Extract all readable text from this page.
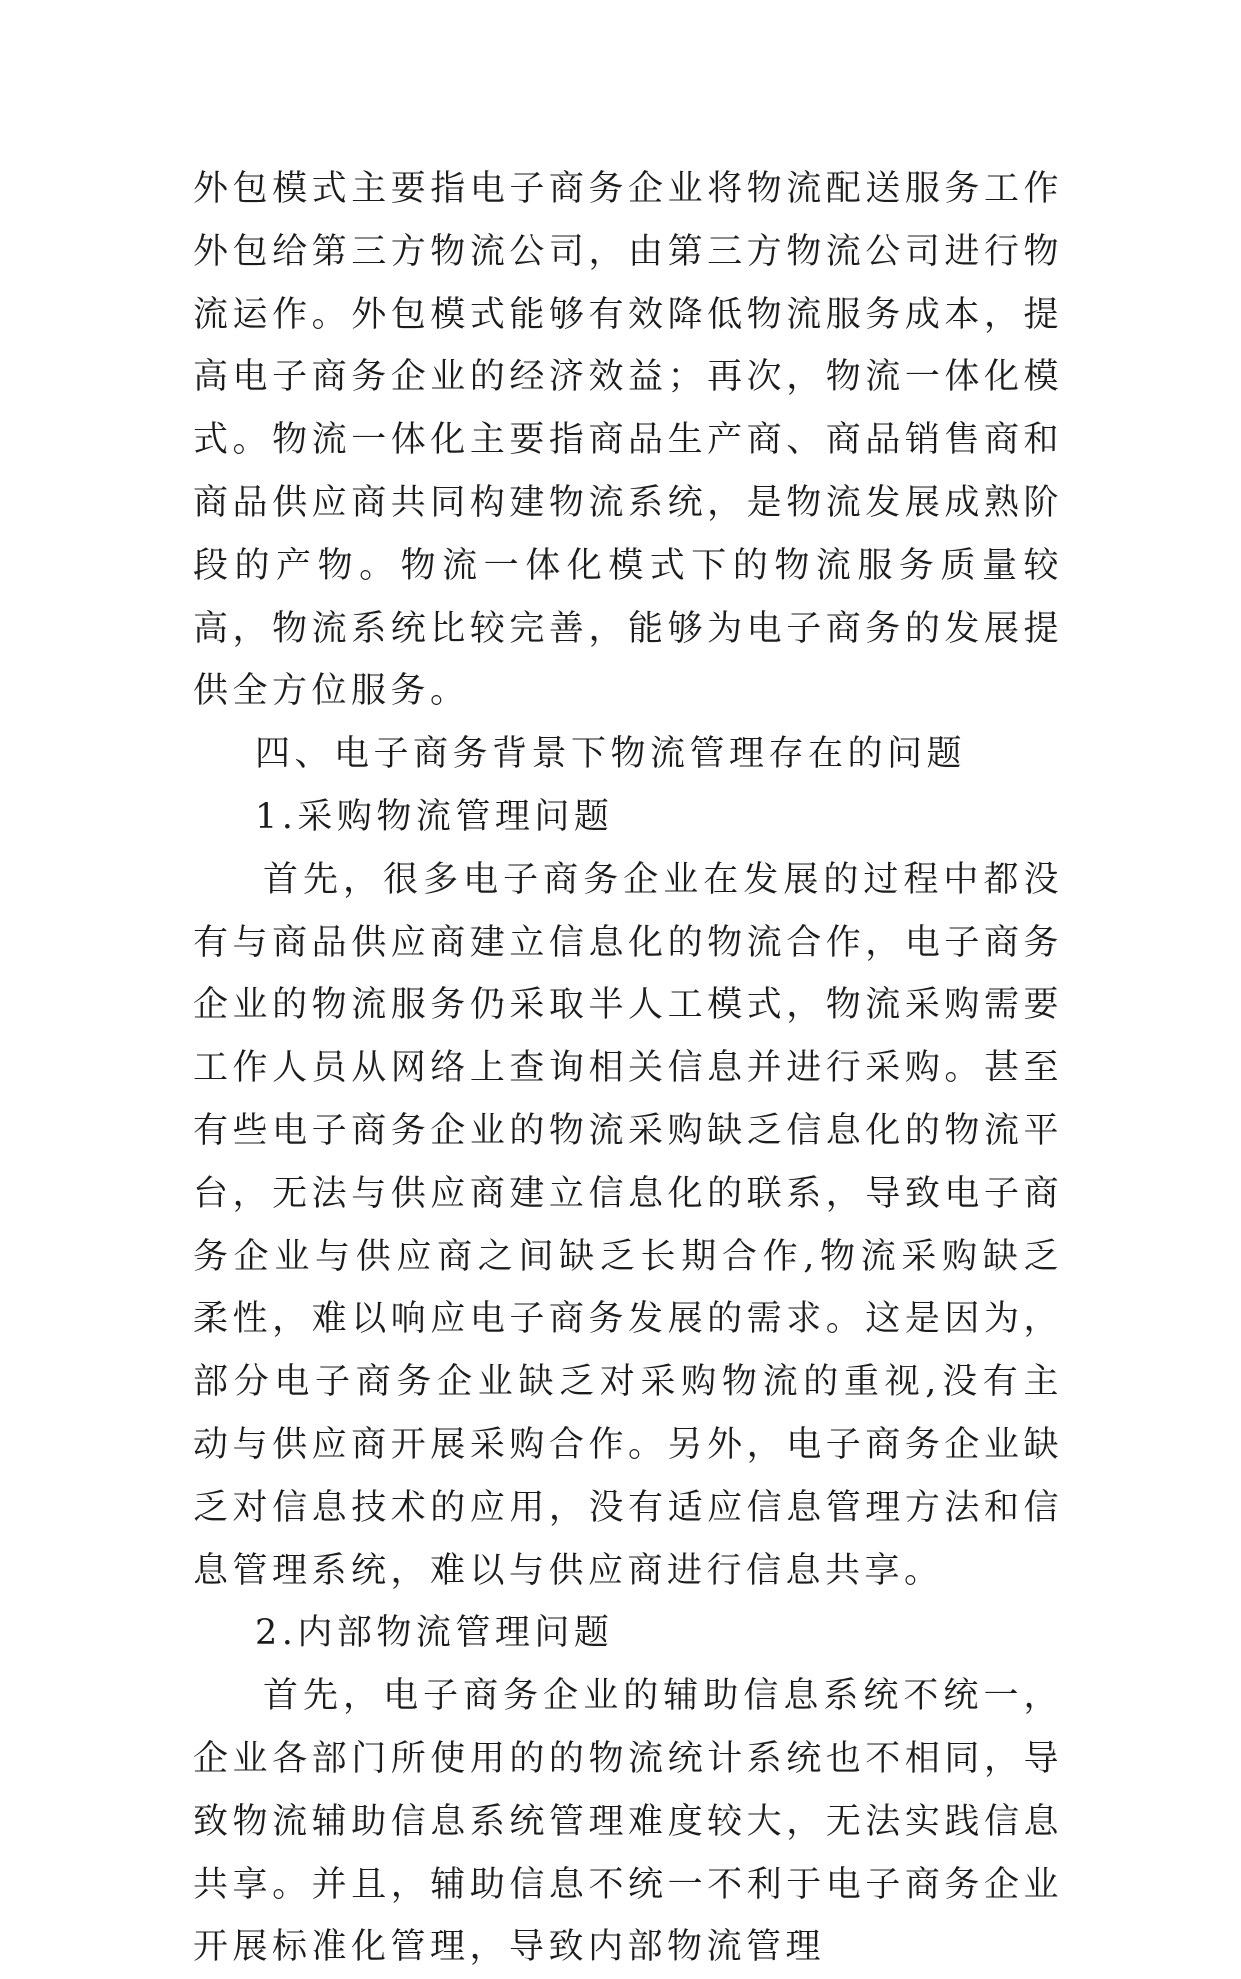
外包模式主要指电子商务企业将物流配送服务工作外包给第三方物流公司，由第三方物流公司进行物流运作。外包模式能够有效降低物流服务成本，提高电子商务企业的经济效益；再次，物流一体化模式。物流一体化主要指商品生产商、商品销售商和商品供应商共同构建物流系统，是物流发展成熟阶段的产物。物流一体化模式下的物流服务质量较高，物流系统比较完善，能够为电子商务的发展提供全方位服务。

四、电子商务背景下物流管理存在的问题

1.采购物流管理问题

首先，很多电子商务企业在发展的过程中都没有与商品供应商建立信息化的物流合作，电子商务企业的物流服务仍采取半人工模式，物流采购需要工作人员从网络上查询相关信息并进行采购。甚至有些电子商务企业的物流采购缺乏信息化的物流平台，无法与供应商建立信息化的联系，导致电子商务企业与供应商之间缺乏长期合作,物流采购缺乏柔性，难以响应电子商务发展的需求。这是因为，部分电子商务企业缺乏对采购物流的重视,没有主动与供应商开展采购合作。另外，电子商务企业缺乏对信息技术的应用，没有适应信息管理方法和信息管理系统，难以与供应商进行信息共享。

2.内部物流管理问题

首先，电子商务企业的辅助信息系统不统一，企业各部门所使用的的物流统计系统也不相同，导致物流辅助信息系统管理难度较大，无法实践信息共享。并且，辅助信息不统一不利于电子商务企业开展标准化管理，导致内部物流管理
